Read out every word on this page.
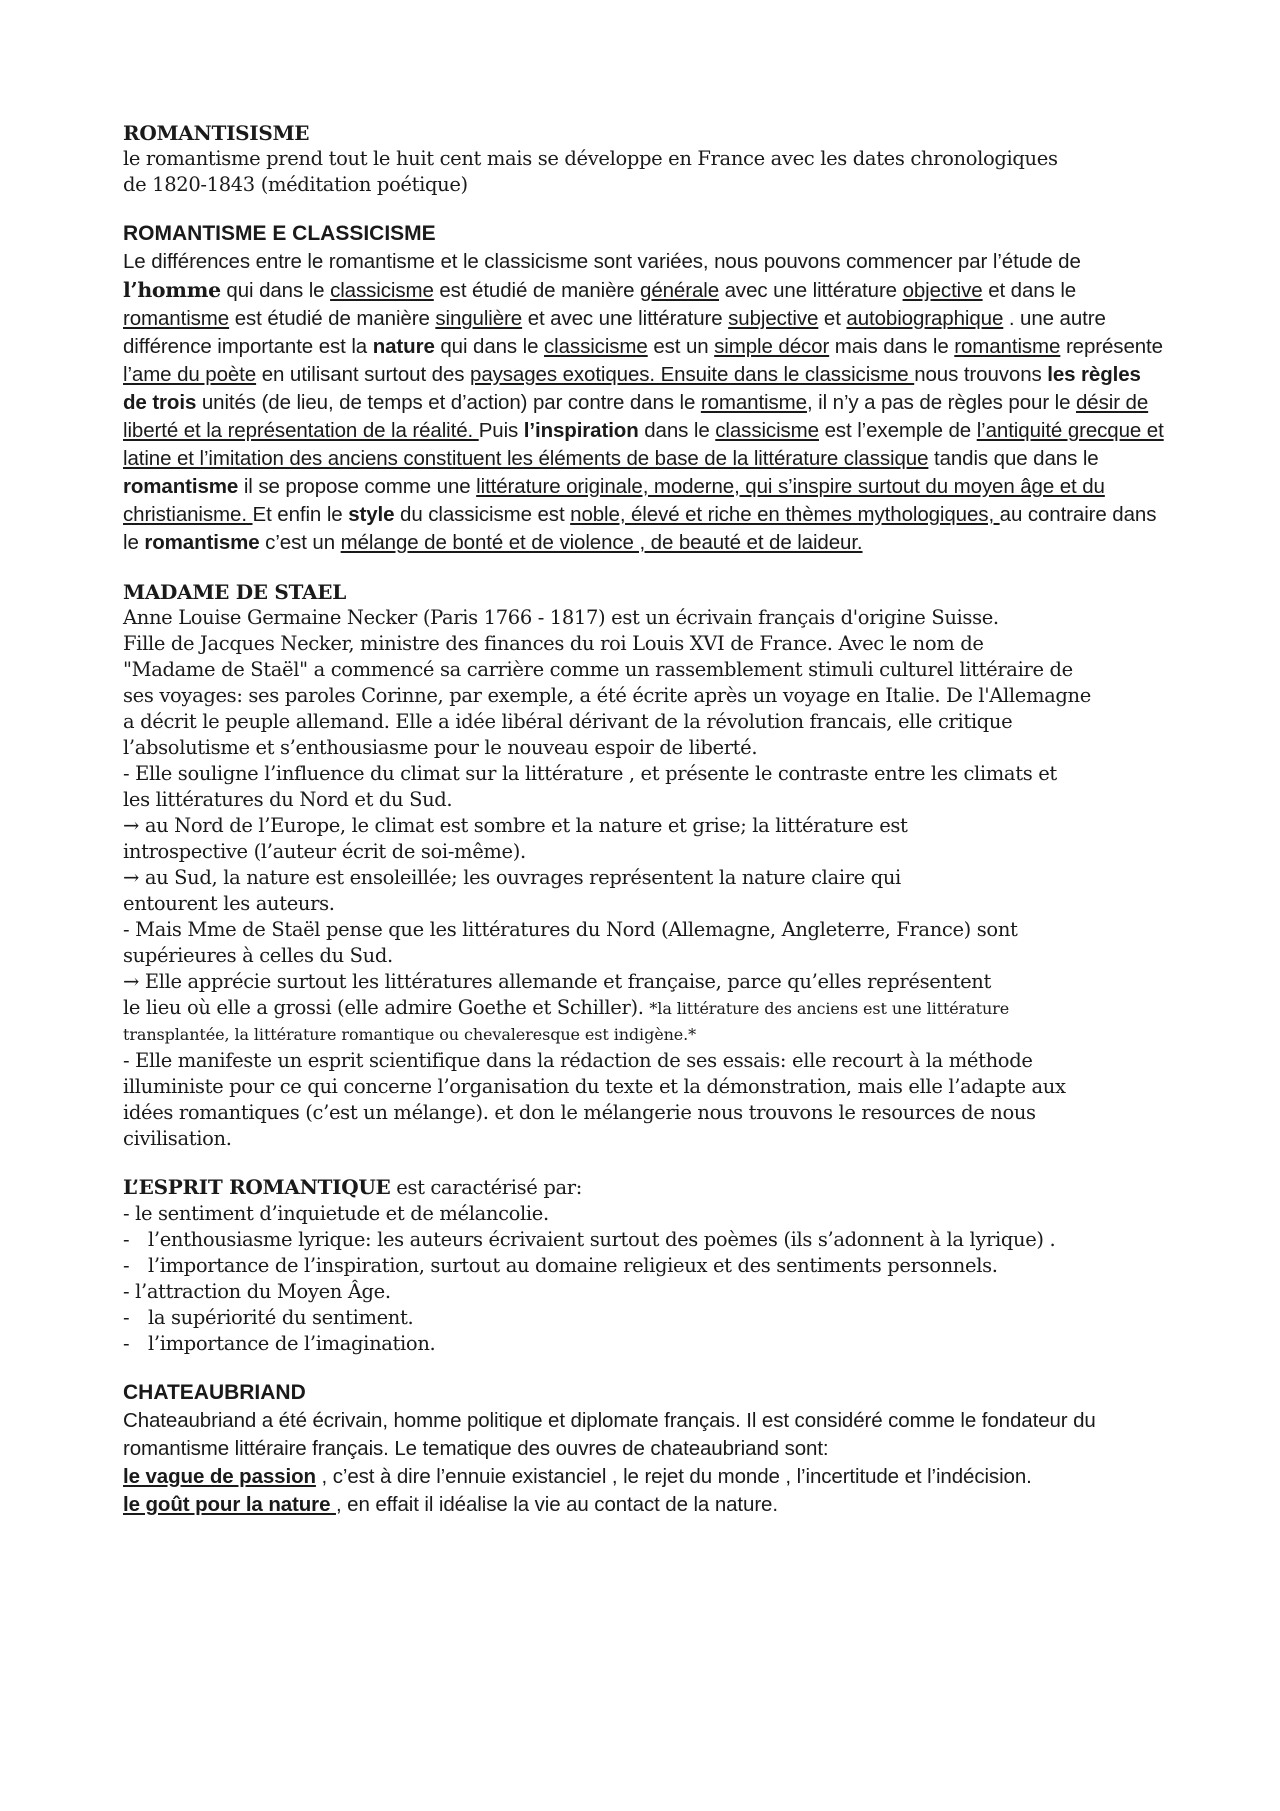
ROMANTISISME
le romantisme prend tout le huit cent mais se développe en France avec les dates chronologiques
de 1820-1843 (méditation poétique)
ROMANTISME E CLASSICISME

Le différences entre le romantisme et le classicisme sont variées, nous pouvons commencer par l’étude de l’homme qui dans le classicisme est étudié de manière générale avec une littérature objective et dans le romantisme est étudié de manière singulière et avec une littérature subjective et autobiographique . une autre différence importante est la nature qui dans le classicisme est un simple décor mais dans le romantisme représente l’ame du poète en utilisant surtout des paysages exotiques. Ensuite dans le classicisme nous trouvons les règles de trois unités (de lieu, de temps et d’action) par contre dans le romantisme, il n’y a pas de règles pour le désir de liberté et la représentation de la réalité. Puis l’inspiration dans le classicisme est l’exemple de l’antiquité grecque et latine et l’imitation des anciens constituent les éléments de base de la littérature classique tandis que dans le romantisme il se propose comme une littérature originale, moderne, qui s’inspire surtout du moyen âge et du christianisme. Et enfin le style du classicisme est noble, élevé et riche en thèmes mythologiques, au contraire dans le romantisme c’est un mélange de bonté et de violence , de beauté et de laideur.

MADAME DE STAEL
Anne Louise Germaine Necker (Paris 1766 - 1817) est un écrivain français d'origine Suisse.
Fille de Jacques Necker, ministre des finances du roi Louis XVI de France. Avec le nom de
"Madame de Staël" a commencé sa carrière comme un rassemblement stimuli culturel littéraire de
ses voyages: ses paroles Corinne, par exemple, a été écrite après un voyage en Italie. De l'Allemagne
a décrit le peuple allemand. Elle a idée libéral dérivant de la révolution francais, elle critique
l’absolutisme et s’enthousiasme pour le nouveau espoir de liberté.
- Elle souligne l’influence du climat sur la littérature , et présente le contraste entre les climats et
les littératures du Nord et du Sud.
→ au Nord de l’Europe, le climat est sombre et la nature et grise; la littérature est
introspective (l’auteur écrit de soi-même).
→ au Sud, la nature est ensoleillée; les ouvrages représentent la nature claire qui
entourent les auteurs.
- Mais Mme de Staël pense que les littératures du Nord (Allemagne, Angleterre, France) sont
supérieures à celles du Sud.
→ Elle apprécie surtout les littératures allemande et française, parce qu’elles représentent
le lieu où elle a grossi (elle admire Goethe et Schiller). *la littérature des anciens est une littérature
transplantée, la littérature romantique ou chevaleresque est indigène.*
- Elle manifeste un esprit scientifique dans la rédaction de ses essais: elle recourt à la méthode
illuministe pour ce qui concerne l’organisation du texte et la démonstration, mais elle l’adapte aux
idées romantiques (c’est un mélange). et don le mélangerie nous trouvons le resources de nous
civilisation.
L’ESPRIT ROMANTIQUE est caractérisé par:
- le sentiment d’inquietude et de mélancolie.
- l’enthousiasme lyrique: les auteurs écrivaient surtout des poèmes (ils s’adonnent à la lyrique) .
- l’importance de l’inspiration, surtout au domaine religieux et des sentiments personnels.
- l’attraction du Moyen Âge.
- la supériorité du sentiment.
- l’importance de l’imagination.
CHATEAUBRIAND

Chateaubriand a été écrivain, homme politique et diplomate français. Il est considéré comme le fondateur du romantisme littéraire français. Le tematique des ouvres de chateaubriand sont:

le vague de passion , c’est à dire l’ennuie existanciel , le rejet du monde , l’incertitude et l’indécision.

le goût pour la nature , en effait il idéalise la vie au contact de la nature.
